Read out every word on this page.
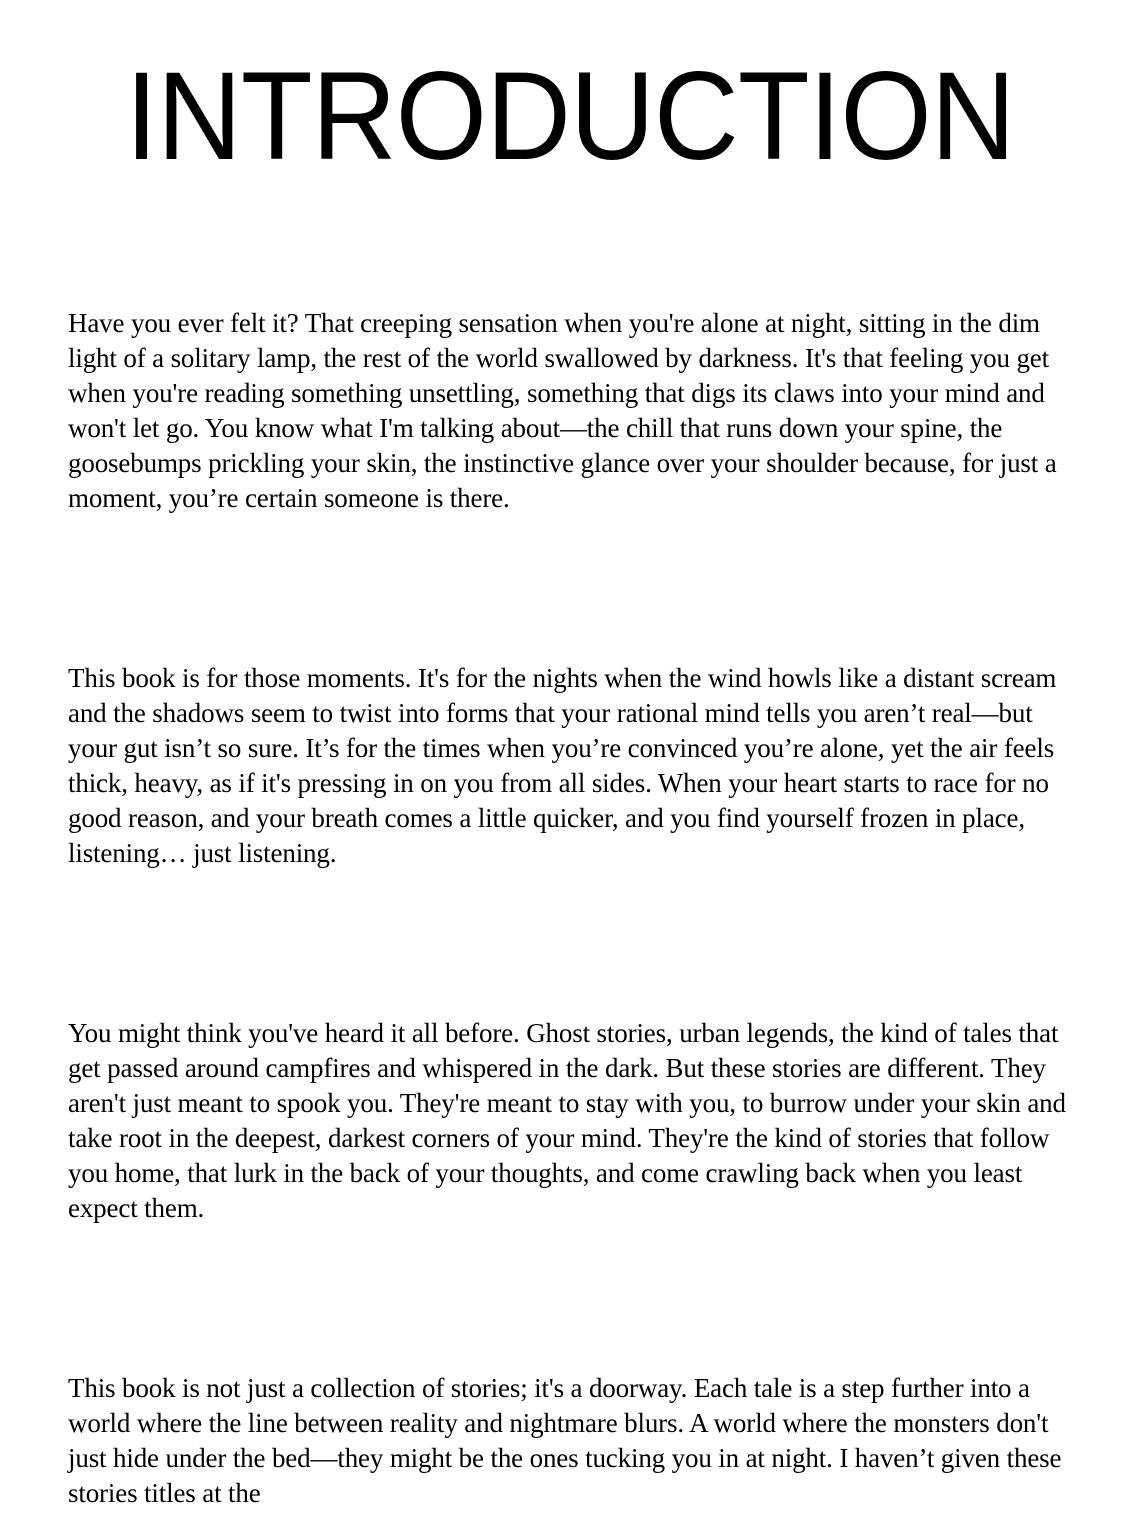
INTRODUCTION

Have you ever felt it? That creeping sensation when you're alone at night, sitting in the dim light of a solitary lamp, the rest of the world swallowed by darkness. It's that feeling you get when you're reading something unsettling, something that digs its claws into your mind and won't let go. You know what I'm talking about—the chill that runs down your spine, the goosebumps prickling your skin, the instinctive glance over your shoulder because, for just a moment, you’re certain someone is there.

This book is for those moments. It's for the nights when the wind howls like a distant scream and the shadows seem to twist into forms that your rational mind tells you aren’t real—but your gut isn’t so sure. It’s for the times when you’re convinced you’re alone, yet the air feels thick, heavy, as if it's pressing in on you from all sides. When your heart starts to race for no good reason, and your breath comes a little quicker, and you find yourself frozen in place, listening… just listening.

You might think you've heard it all before. Ghost stories, urban legends, the kind of tales that get passed around campfires and whispered in the dark. But these stories are different. They aren't just meant to spook you. They're meant to stay with you, to burrow under your skin and take root in the deepest, darkest corners of your mind. They're the kind of stories that follow you home, that lurk in the back of your thoughts, and come crawling back when you least expect them.

This book is not just a collection of stories; it's a doorway. Each tale is a step further into a world where the line between reality and nightmare blurs. A world where the monsters don't just hide under the bed—they might be the ones tucking you in at night. I haven’t given these stories titles at the
